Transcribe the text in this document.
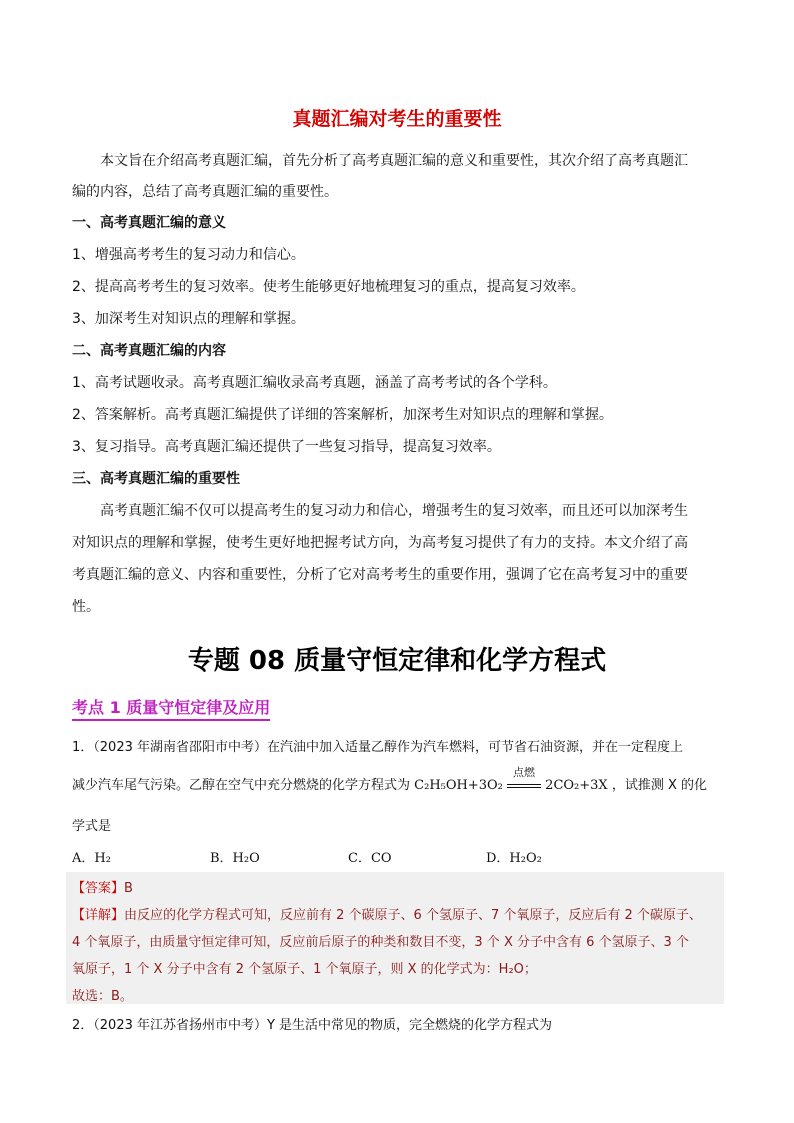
真题汇编对考生的重要性
本文旨在介绍高考真题汇编，首先分析了高考真题汇编的意义和重要性，其次介绍了高考真题汇
编的内容，总结了高考真题汇编的重要性。
一、高考真题汇编的意义
1、增强高考考生的复习动力和信心。
2、提高高考考生的复习效率。使考生能够更好地梳理复习的重点，提高复习效率。
3、加深考生对知识点的理解和掌握。
二、高考真题汇编的内容
1、高考试题收录。高考真题汇编收录高考真题，涵盖了高考考试的各个学科。
2、答案解析。高考真题汇编提供了详细的答案解析，加深考生对知识点的理解和掌握。
3、复习指导。高考真题汇编还提供了一些复习指导，提高复习效率。
三、高考真题汇编的重要性
高考真题汇编不仅可以提高考生的复习动力和信心，增强考生的复习效率，而且还可以加深考生
对知识点的理解和掌握，使考生更好地把握考试方向，为高考复习提供了有力的支持。本文介绍了高
考真题汇编的意义、内容和重要性，分析了它对高考考生的重要作用，强调了它在高考复习中的重要
性。
专题 08 质量守恒定律和化学方程式
考点 1 质量守恒定律及应用
1．（2023 年湖南省邵阳市中考）在汽油中加入适量乙醇作为汽车燃料，可节省石油资源，并在一定程度上
减少汽车尾气污染。乙醇在空气中充分燃烧的化学方程式为 C₂H₅OH+3O₂
点燃
2CO₂+3X ，试推测 X 的化
学式是
A．H₂	B．H₂O	C．CO	D．H₂O₂
【答案】B
【详解】由反应的化学方程式可知，反应前有 2 个碳原子、6 个氢原子、7 个氧原子，反应后有 2 个碳原子、
4 个氧原子，由质量守恒定律可知，反应前后原子的种类和数目不变，3 个 X 分子中含有 6 个氢原子、3 个
氧原子，1 个 X 分子中含有 2 个氢原子、1 个氧原子，则 X 的化学式为：H₂O；
故选：B。
2．（2023 年江苏省扬州市中考）Y 是生活中常见的物质，完全燃烧的化学方程式为
